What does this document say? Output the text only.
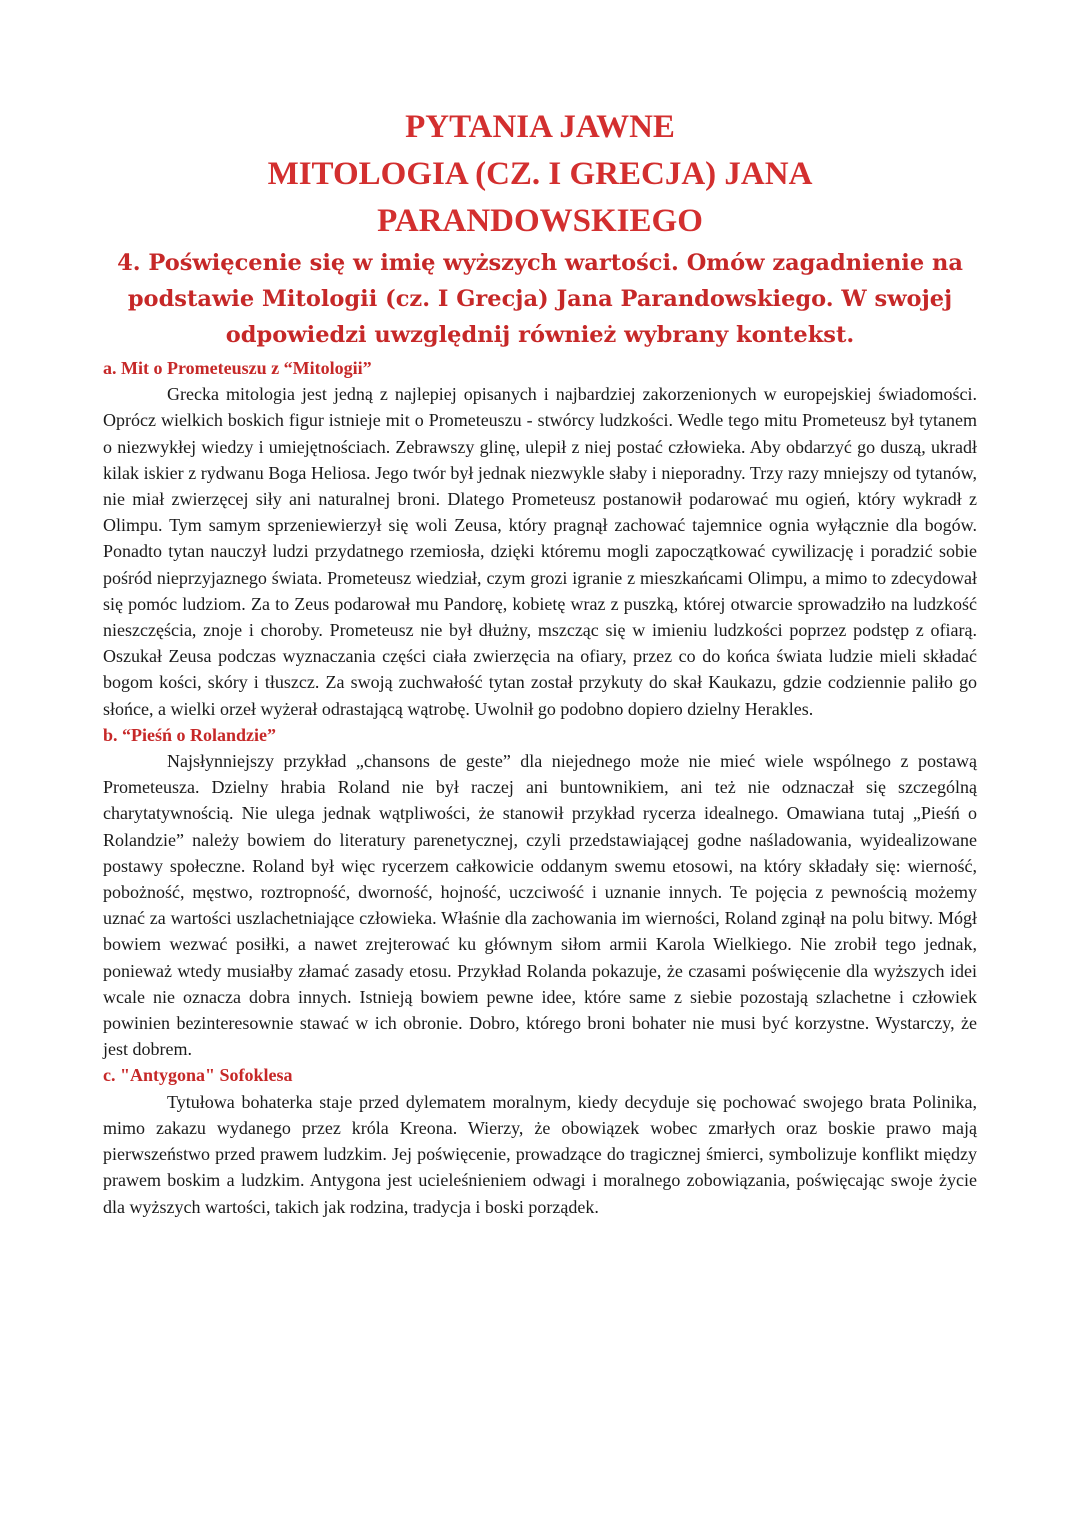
PYTANIA JAWNE
MITOLOGIA (CZ. I GRECJA) JANA PARANDOWSKIEGO
4. Poświęcenie się w imię wyższych wartości. Omów zagadnienie na podstawie Mitologii (cz. I Grecja) Jana Parandowskiego. W swojej odpowiedzi uwzględnij również wybrany kontekst.
a. Mit o Prometeuszu z “Mitologii”

Grecka mitologia jest jedną z najlepiej opisanych i najbardziej zakorzenionych w europejskiej świadomości. Oprócz wielkich boskich figur istnieje mit o Prometeuszu - stwórcy ludzkości. Wedle tego mitu Prometeusz był tytanem o niezwykłej wiedzy i umiejętnościach. Zebrawszy glinę, ulepił z niej postać człowieka. Aby obdarzyć go duszą, ukradł kilak iskier z rydwanu Boga Heliosa. Jego twór był jednak niezwykle słaby i nieporadny. Trzy razy mniejszy od tytanów, nie miał zwierzęcej siły ani naturalnej broni. Dlatego Prometeusz postanowił podarować mu ogień, który wykradł z Olimpu. Tym samym sprzeniewierzył się woli Zeusa, który pragnął zachować tajemnice ognia wyłącznie dla bogów. Ponadto tytan nauczył ludzi przydatnego rzemiosła, dzięki któremu mogli zapoczątkować cywilizację i poradzić sobie pośród nieprzyjaznego świata. Prometeusz wiedział, czym grozi igranie z mieszkańcami Olimpu, a mimo to zdecydował się pomóc ludziom. Za to Zeus podarował mu Pandorę, kobietę wraz z puszką, której otwarcie sprowadziło na ludzkość nieszczęścia, znoje i choroby. Prometeusz nie był dłużny, mszcząc się w imieniu ludzkości poprzez podstęp z ofiarą. Oszukał Zeusa podczas wyznaczania części ciała zwierzęcia na ofiary, przez co do końca świata ludzie mieli składać bogom kości, skóry i tłuszcz. Za swoją zuchwałość tytan został przykuty do skał Kaukazu, gdzie codziennie paliło go słońce, a wielki orzeł wyżerał odrastającą wątrobę. Uwolnił go podobno dopiero dzielny Herakles.

b. “Pieśń o Rolandzie”

Najsłynniejszy przykład „chansons de geste” dla niejednego może nie mieć wiele wspólnego z postawą Prometeusza. Dzielny hrabia Roland nie był raczej ani buntownikiem, ani też nie odznaczał się szczególną charytatywnością. Nie ulega jednak wątpliwości, że stanowił przykład rycerza idealnego. Omawiana tutaj „Pieśń o Rolandzie” należy bowiem do literatury parenetycznej, czyli przedstawiającej godne naśladowania, wyidealizowane postawy społeczne. Roland był więc rycerzem całkowicie oddanym swemu etosowi, na który składały się: wierność, pobożność, męstwo, roztropność, dworność, hojność, uczciwość i uznanie innych. Te pojęcia z pewnością możemy uznać za wartości uszlachetniające człowieka. Właśnie dla zachowania im wierności, Roland zginął na polu bitwy. Mógł bowiem wezwać posiłki, a nawet zrejterować ku głównym siłom armii Karola Wielkiego. Nie zrobił tego jednak, ponieważ wtedy musiałby złamać zasady etosu. Przykład Rolanda pokazuje, że czasami poświęcenie dla wyższych idei wcale nie oznacza dobra innych. Istnieją bowiem pewne idee, które same z siebie pozostają szlachetne i człowiek powinien bezinteresownie stawać w ich obronie. Dobro, którego broni bohater nie musi być korzystne. Wystarczy, że jest dobrem.

c. "Antygona" Sofoklesa

Tytułowa bohaterka staje przed dylematem moralnym, kiedy decyduje się pochować swojego brata Polinika, mimo zakazu wydanego przez króla Kreona. Wierzy, że obowiązek wobec zmarłych oraz boskie prawo mają pierwszeństwo przed prawem ludzkim. Jej poświęcenie, prowadzące do tragicznej śmierci, symbolizuje konflikt między prawem boskim a ludzkim. Antygona jest ucieleśnieniem odwagi i moralnego zobowiązania, poświęcając swoje życie dla wyższych wartości, takich jak rodzina, tradycja i boski porządek.
